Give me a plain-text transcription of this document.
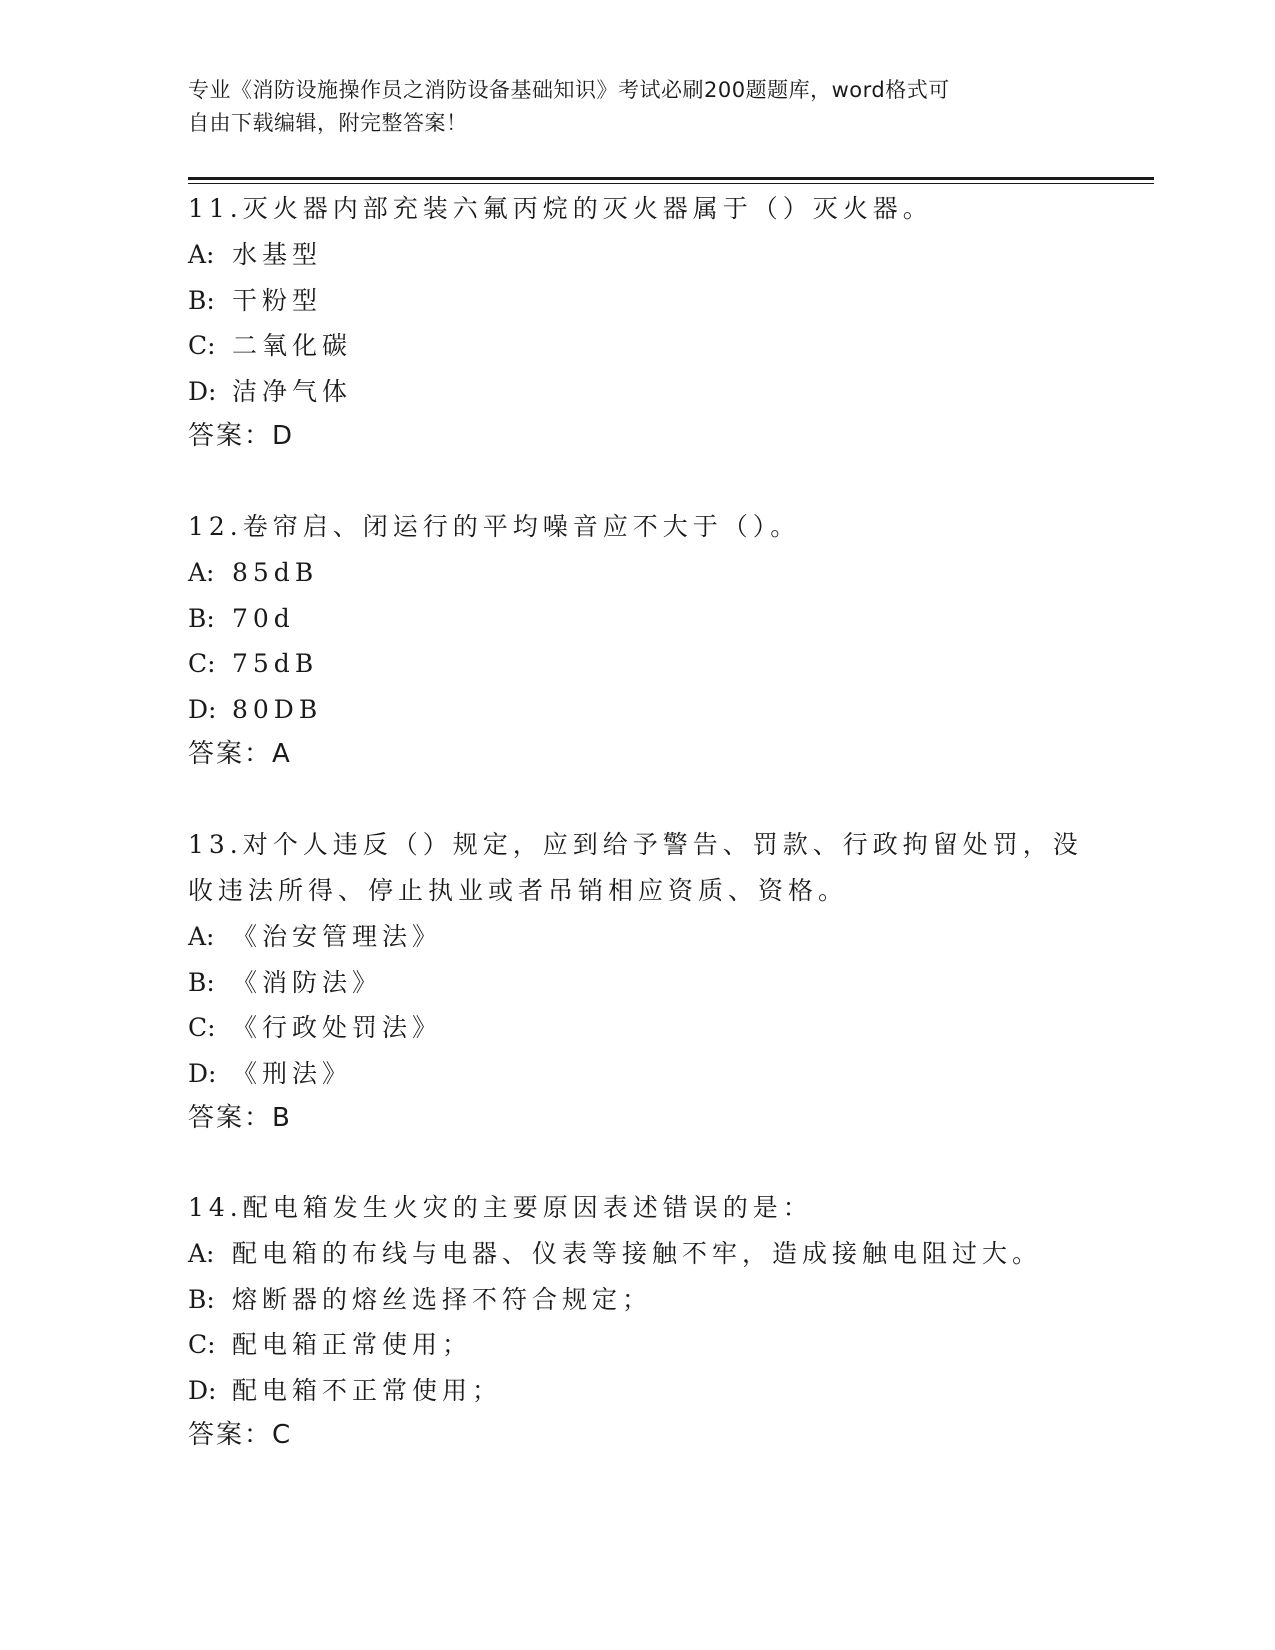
专业《消防设施操作员之消防设备基础知识》考试必刷200题题库，word格式可
自由下载编辑，附完整答案！

11.灭火器内部充装六氟丙烷的灭火器属于（）灭火器。

A: 水基型

B: 干粉型

C: 二氧化碳

D: 洁净气体

答案：D

12.卷帘启、闭运行的平均噪音应不大于（）。

A: 85dB

B: 70d

C: 75dB

D: 80DB

答案：A

13.对个人违反（）规定，应到给予警告、罚款、行政拘留处罚，没收违法所得、停止执业或者吊销相应资质、资格。

A: 《治安管理法》

B: 《消防法》

C: 《行政处罚法》

D: 《刑法》

答案：B

14.配电箱发生火灾的主要原因表述错误的是：

A: 配电箱的布线与电器、仪表等接触不牢，造成接触电阻过大。

B: 熔断器的熔丝选择不符合规定；

C: 配电箱正常使用；

D: 配电箱不正常使用；

答案：C
